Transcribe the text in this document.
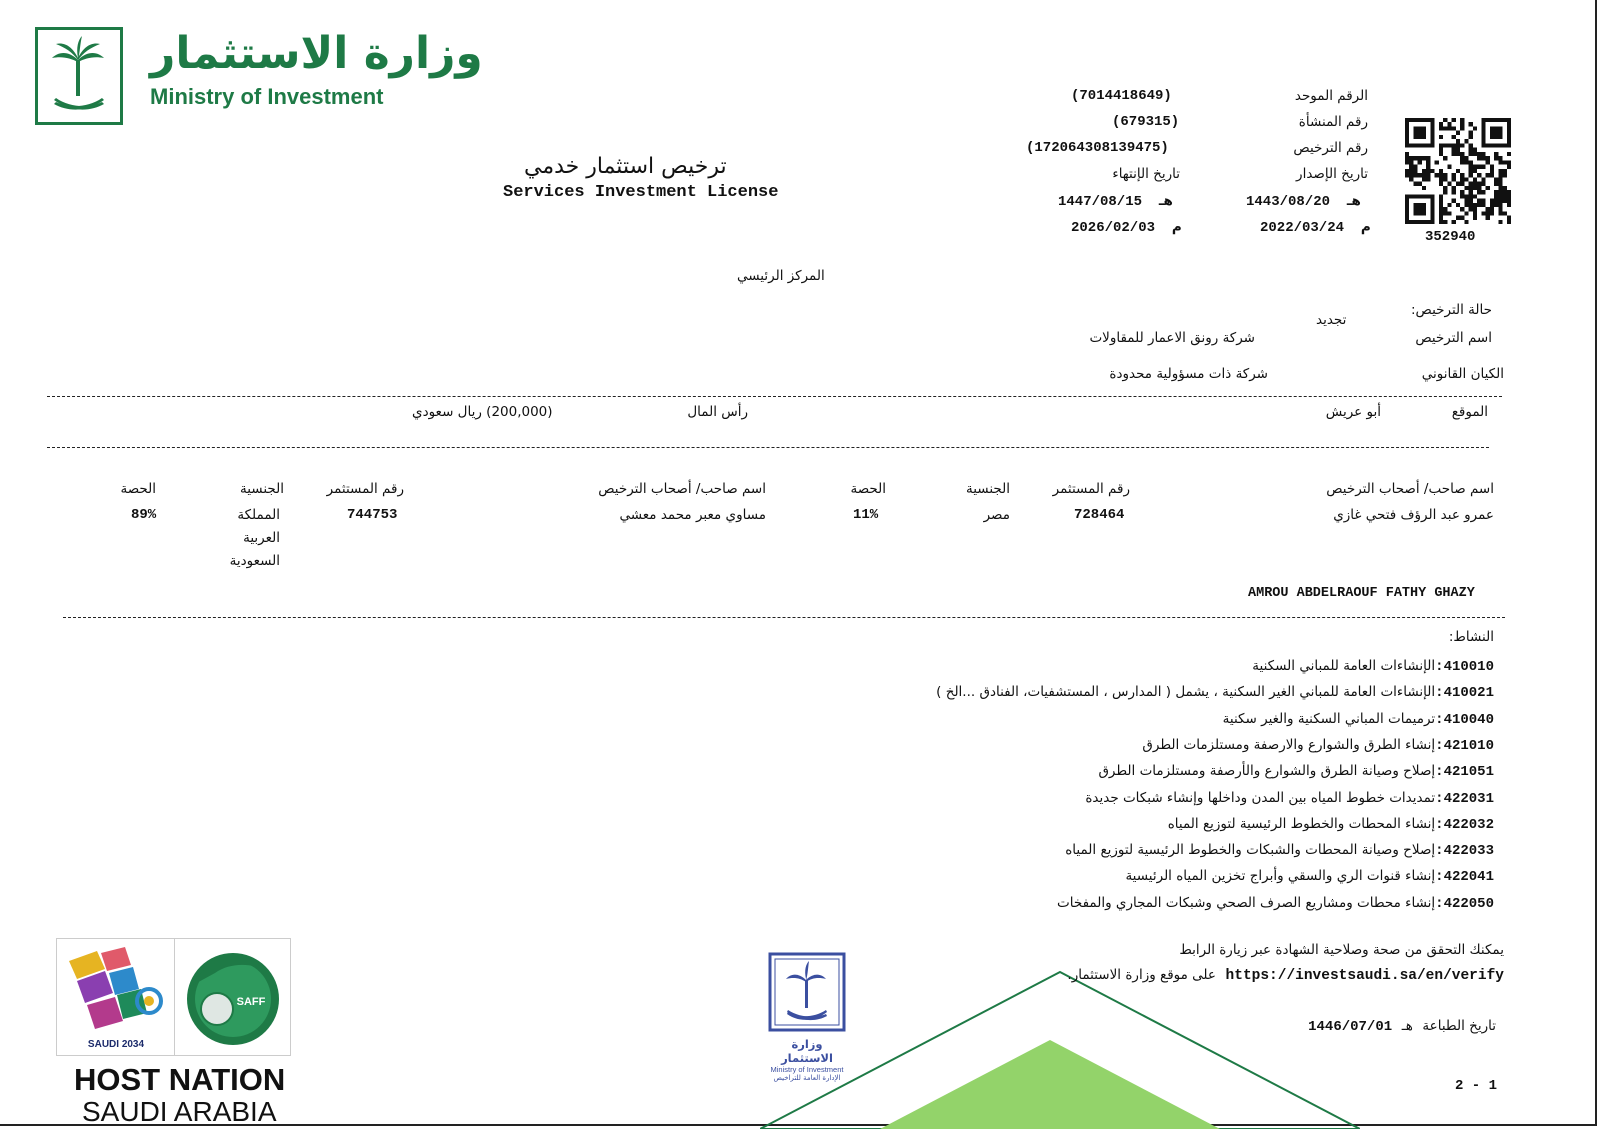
وزارة الاستثمار
Ministry of Investment
ترخيص استثمار خدمي
Services Investment License
الرقم الموحد
(7014418649)
رقم المنشأة
(679315)
رقم الترخيص
(172064308139475)
تاريخ الإصدار
تاريخ الإنتهاء
هـ  1443/08/20
هـ  1447/08/15
م  2022/03/24
م  2026/02/03
352940
المركز الرئيسي
حالة الترخيص:
تجديد
اسم الترخيص
شركة رونق الاعمار للمقاولات
الكيان القانوني
شركة ذات مسؤولية محدودة
الموقع
أبو عريش
رأس المال
(200,000) ريال سعودي
اسم صاحب/ أصحاب الترخيص
رقم المستثمر
الجنسية
الحصة
اسم صاحب/ أصحاب الترخيص
رقم المستثمر
الجنسية
الحصة
عمرو عبد الرؤف فتحي غازي
728464
مصر
11%
AMROU ABDELRAOUF FATHY GHAZY
مساوي معبر محمد معشي
744753
المملكة
العربية
السعودية
89%
النشاط:
410010:الإنشاءات العامة للمباني السكنية
410021:الإنشاءات العامة للمباني الغير السكنية ، يشمل ( المدارس ، المستشفيات، الفنادق ...الخ )
410040:ترميمات المباني السكنية والغير سكنية
421010:إنشاء الطرق والشوارع والارصفة ومستلزمات الطرق
421051:إصلاح وصيانة الطرق والشوارع والأرصفة ومستلزمات الطرق
422031:تمديدات خطوط المياه بين المدن وداخلها وإنشاء شبكات جديدة
422032:إنشاء المحطات والخطوط الرئيسية لتوزيع المياه
422033:إصلاح وصيانة المحطات والشبكات والخطوط الرئيسية لتوزيع المياه
422041:إنشاء قنوات الري والسقي وأبراج تخزين المياه الرئيسية
422050:إنشاء محطات ومشاريع الصرف الصحي وشبكات المجاري والمفخات
يمكنك التحقق من صحة وصلاحية الشهادة عبر زيارة الرابط
على موقع وزارة الاستثمار. https://investsaudi.sa/en/verify
هـ 1446/07/01 تاريخ الطباعة
2 - 1
وزارة الاستثمار
Ministry of Investment
الإدارة العامة للتراخيص
SAUDI 2034
SAFF
HOST NATION
SAUDI ARABIA
